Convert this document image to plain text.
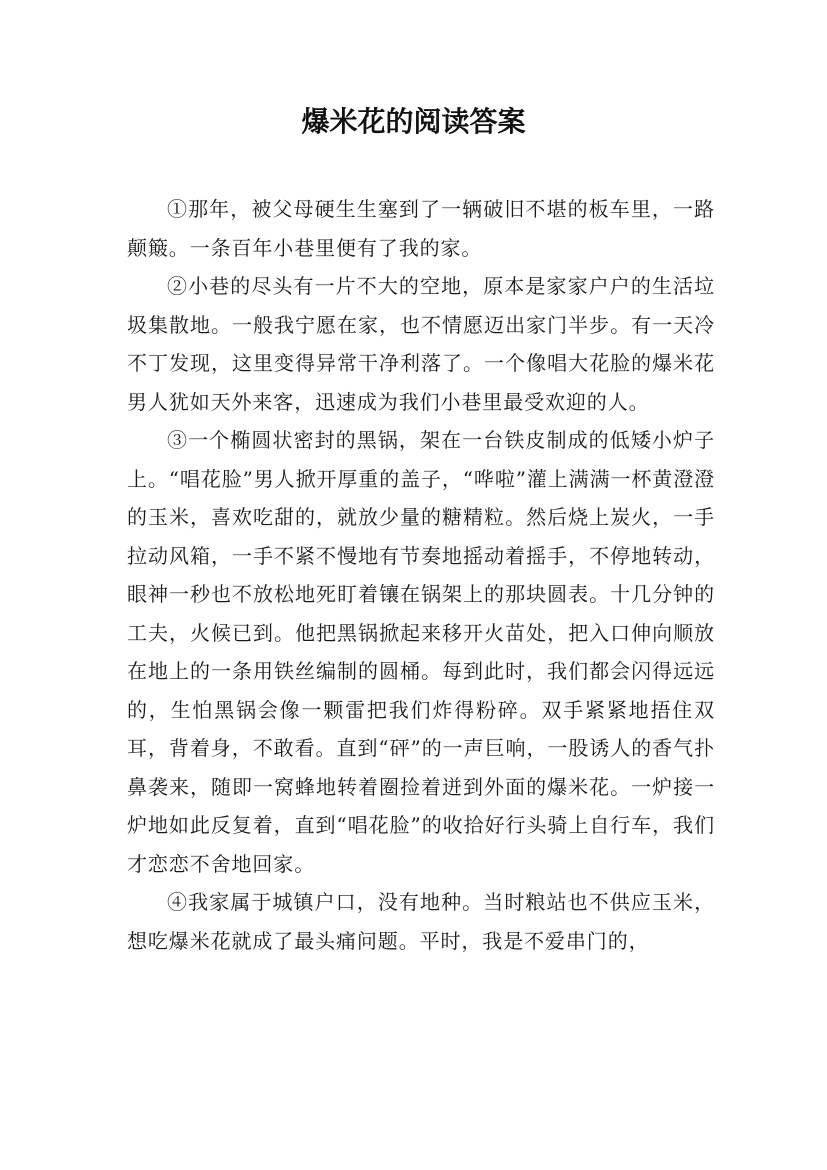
爆米花的阅读答案

①那年，被父母硬生生塞到了一辆破旧不堪的板车里，一路颠簸。一条百年小巷里便有了我的家。

②小巷的尽头有一片不大的空地，原本是家家户户的生活垃圾集散地。一般我宁愿在家，也不情愿迈出家门半步。有一天冷不丁发现，这里变得异常干净利落了。一个像唱大花脸的爆米花男人犹如天外来客，迅速成为我们小巷里最受欢迎的人。

③一个椭圆状密封的黑锅，架在一台铁皮制成的低矮小炉子上。“唱花脸”男人掀开厚重的盖子，“哗啦”灌上满满一杯黄澄澄的玉米，喜欢吃甜的，就放少量的糖精粒。然后烧上炭火，一手拉动风箱，一手不紧不慢地有节奏地摇动着摇手，不停地转动，眼神一秒也不放松地死盯着镶在锅架上的那块圆表。十几分钟的工夫，火候已到。他把黑锅掀起来移开火苗处，把入口伸向顺放在地上的一条用铁丝编制的圆桶。每到此时，我们都会闪得远远的，生怕黑锅会像一颗雷把我们炸得粉碎。双手紧紧地捂住双耳，背着身，不敢看。直到“砰”的一声巨响，一股诱人的香气扑鼻袭来，随即一窝蜂地转着圈捡着迸到外面的爆米花。一炉接一炉地如此反复着，直到“唱花脸”的收拾好行头骑上自行车，我们才恋恋不舍地回家。

④我家属于城镇户口，没有地种。当时粮站也不供应玉米，想吃爆米花就成了最头痛问题。平时，我是不爱串门的，
